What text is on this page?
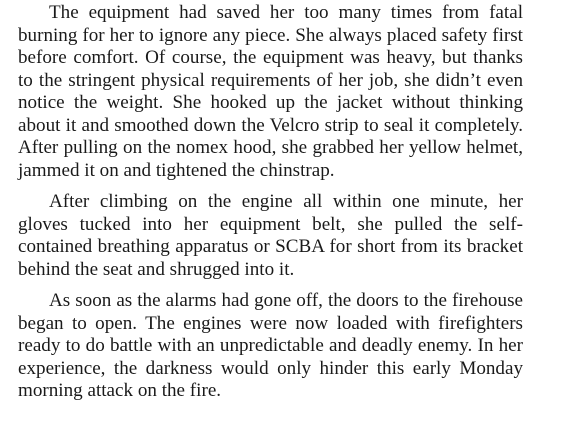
The equipment had saved her too many times from fatal burning for her to ignore any piece. She always placed safety first before comfort. Of course, the equipment was heavy, but thanks to the stringent physical requirements of her job, she didn’t even notice the weight. She hooked up the jacket without thinking about it and smoothed down the Velcro strip to seal it completely. After pulling on the nomex hood, she grabbed her yellow helmet, jammed it on and tightened the chinstrap.

After climbing on the engine all within one minute, her gloves tucked into her equipment belt, she pulled the self-contained breathing apparatus or SCBA for short from its bracket behind the seat and shrugged into it.

As soon as the alarms had gone off, the doors to the firehouse began to open. The engines were now loaded with firefighters ready to do battle with an unpredictable and deadly enemy. In her experience, the darkness would only hinder this early Monday morning attack on the fire.
